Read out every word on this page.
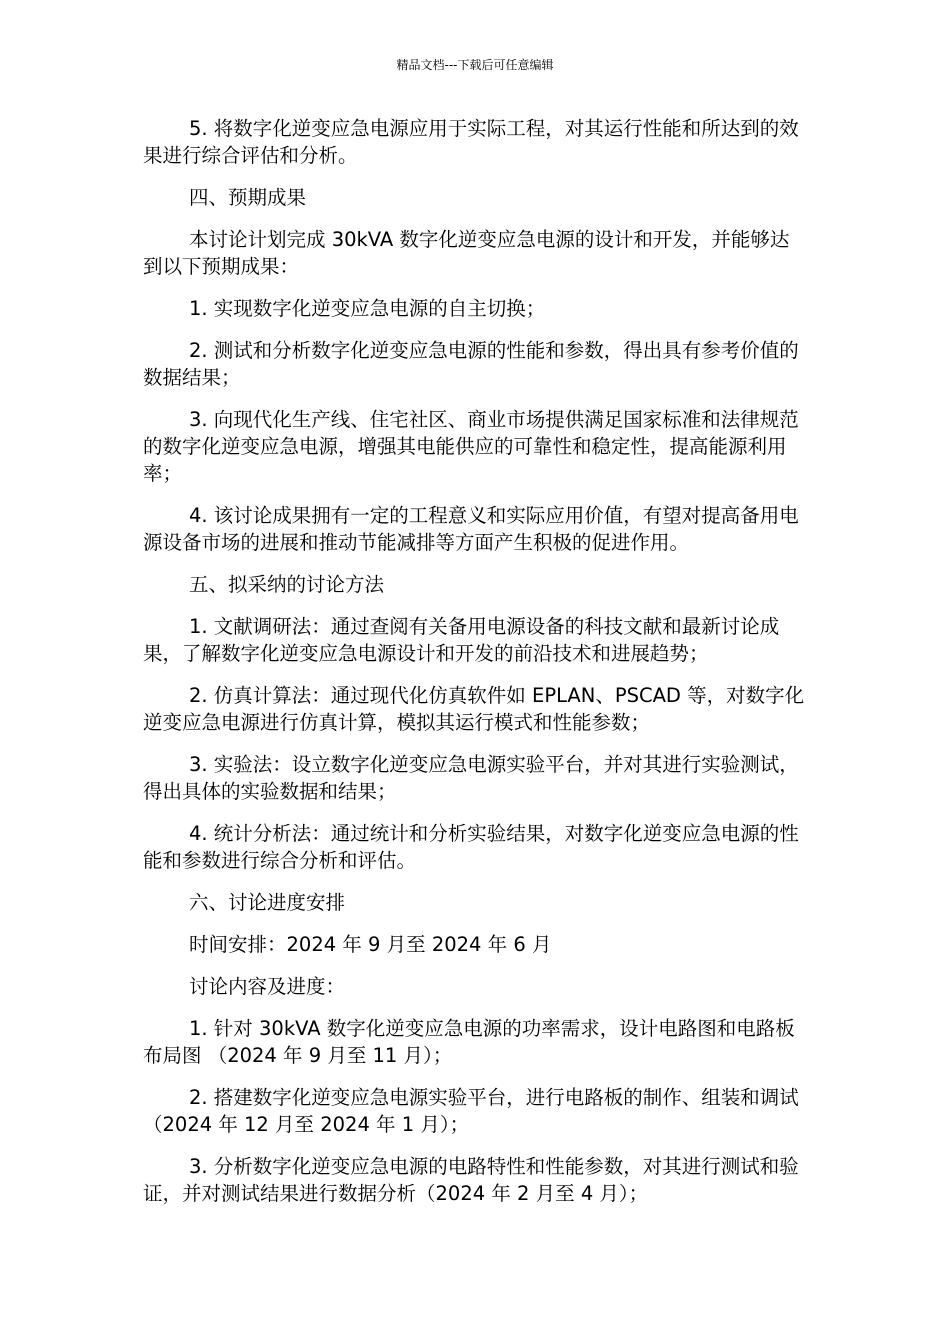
精品文档---下载后可任意编辑

5. 将数字化逆变应急电源应用于实际工程，对其运行性能和所达到的效果进行综合评估和分析。

四、预期成果

本讨论计划完成 30kVA 数字化逆变应急电源的设计和开发，并能够达到以下预期成果：

1. 实现数字化逆变应急电源的自主切换；

2. 测试和分析数字化逆变应急电源的性能和参数，得出具有参考价值的数据结果；

3. 向现代化生产线、住宅社区、商业市场提供满足国家标准和法律规范的数字化逆变应急电源，增强其电能供应的可靠性和稳定性，提高能源利用率；

4. 该讨论成果拥有一定的工程意义和实际应用价值，有望对提高备用电源设备市场的进展和推动节能减排等方面产生积极的促进作用。

五、拟采纳的讨论方法

1. 文献调研法：通过查阅有关备用电源设备的科技文献和最新讨论成果，了解数字化逆变应急电源设计和开发的前沿技术和进展趋势；

2. 仿真计算法：通过现代化仿真软件如 EPLAN、PSCAD 等，对数字化逆变应急电源进行仿真计算，模拟其运行模式和性能参数；

3. 实验法：设立数字化逆变应急电源实验平台，并对其进行实验测试，得出具体的实验数据和结果；

4. 统计分析法：通过统计和分析实验结果，对数字化逆变应急电源的性能和参数进行综合分析和评估。

六、讨论进度安排

时间安排：2024 年 9 月至 2024 年 6 月

讨论内容及进度：

1. 针对 30kVA 数字化逆变应急电源的功率需求，设计电路图和电路板布局图 （2024 年 9 月至 11 月）；

2. 搭建数字化逆变应急电源实验平台，进行电路板的制作、组装和调试（2024 年 12 月至 2024 年 1 月）；

3. 分析数字化逆变应急电源的电路特性和性能参数，对其进行测试和验证，并对测试结果进行数据分析（2024 年 2 月至 4 月）；
